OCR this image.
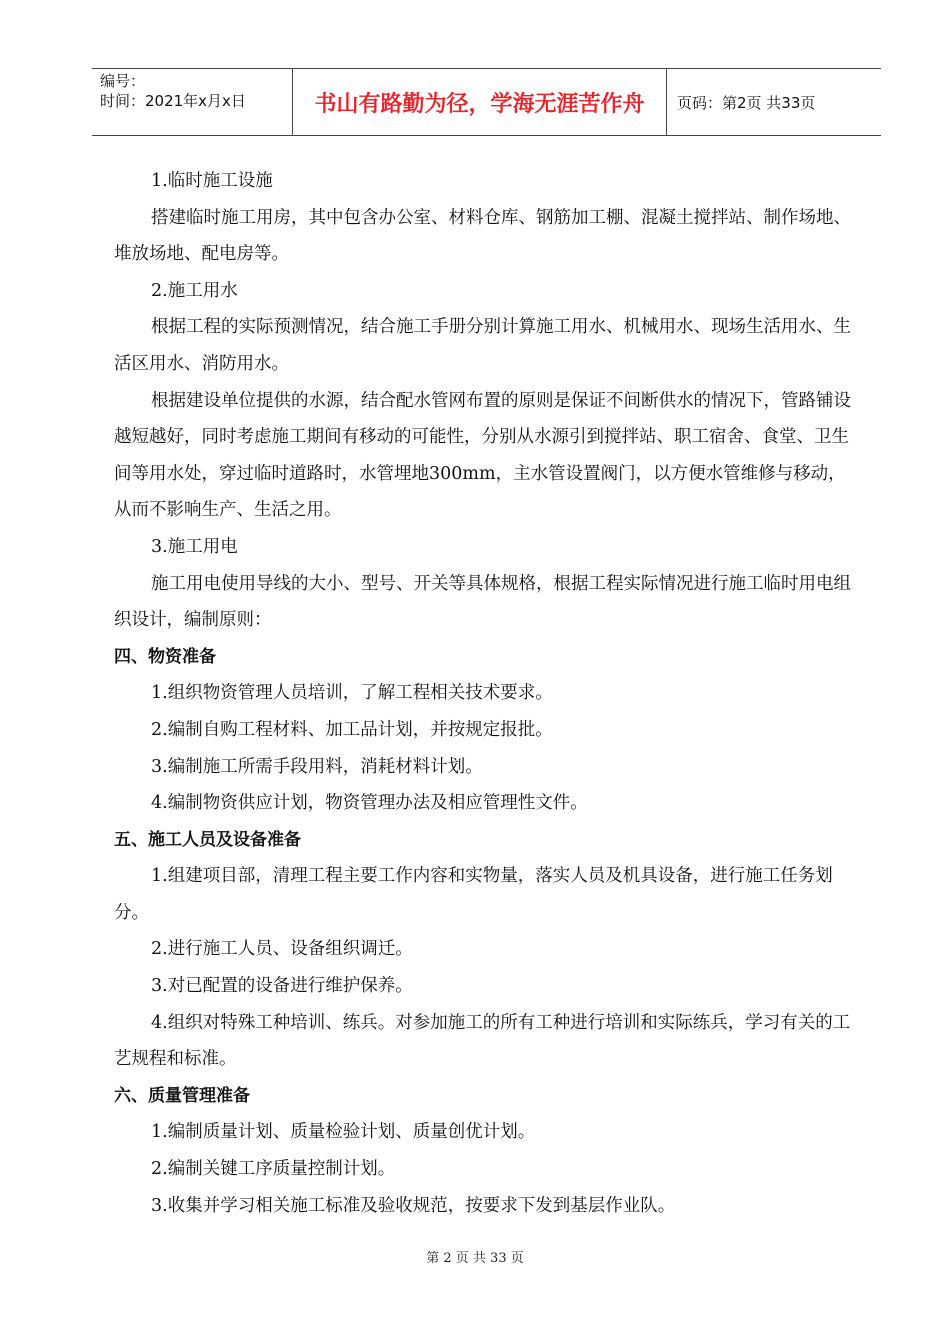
编号：
时间：2021年x月x日	书山有路勤为径，学海无涯苦作舟	页码：第2页 共33页

1.临时施工设施

搭建临时施工用房，其中包含办公室、材料仓库、钢筋加工棚、混凝土搅拌站、制作场地、堆放场地、配电房等。

2.施工用水

根据工程的实际预测情况，结合施工手册分别计算施工用水、机械用水、现场生活用水、生活区用水、消防用水。

根据建设单位提供的水源，结合配水管网布置的原则是保证不间断供水的情况下，管路铺设越短越好，同时考虑施工期间有移动的可能性，分别从水源引到搅拌站、职工宿舍、食堂、卫生间等用水处，穿过临时道路时，水管埋地300mm，主水管设置阀门，以方便水管维修与移动，从而不影响生产、生活之用。

3.施工用电

施工用电使用导线的大小、型号、开关等具体规格，根据工程实际情况进行施工临时用电组织设计，编制原则：

四、物资准备

1.组织物资管理人员培训，了解工程相关技术要求。

2.编制自购工程材料、加工品计划，并按规定报批。

3.编制施工所需手段用料，消耗材料计划。

4.编制物资供应计划，物资管理办法及相应管理性文件。

五、施工人员及设备准备

1.组建项目部，清理工程主要工作内容和实物量，落实人员及机具设备，进行施工任务划分。

2.进行施工人员、设备组织调迁。

3.对已配置的设备进行维护保养。

4.组织对特殊工种培训、练兵。对参加施工的所有工种进行培训和实际练兵，学习有关的工艺规程和标准。

六、质量管理准备

1.编制质量计划、质量检验计划、质量创优计划。

2.编制关键工序质量控制计划。

3.收集并学习相关施工标准及验收规范，按要求下发到基层作业队。

第 2 页 共 33 页
